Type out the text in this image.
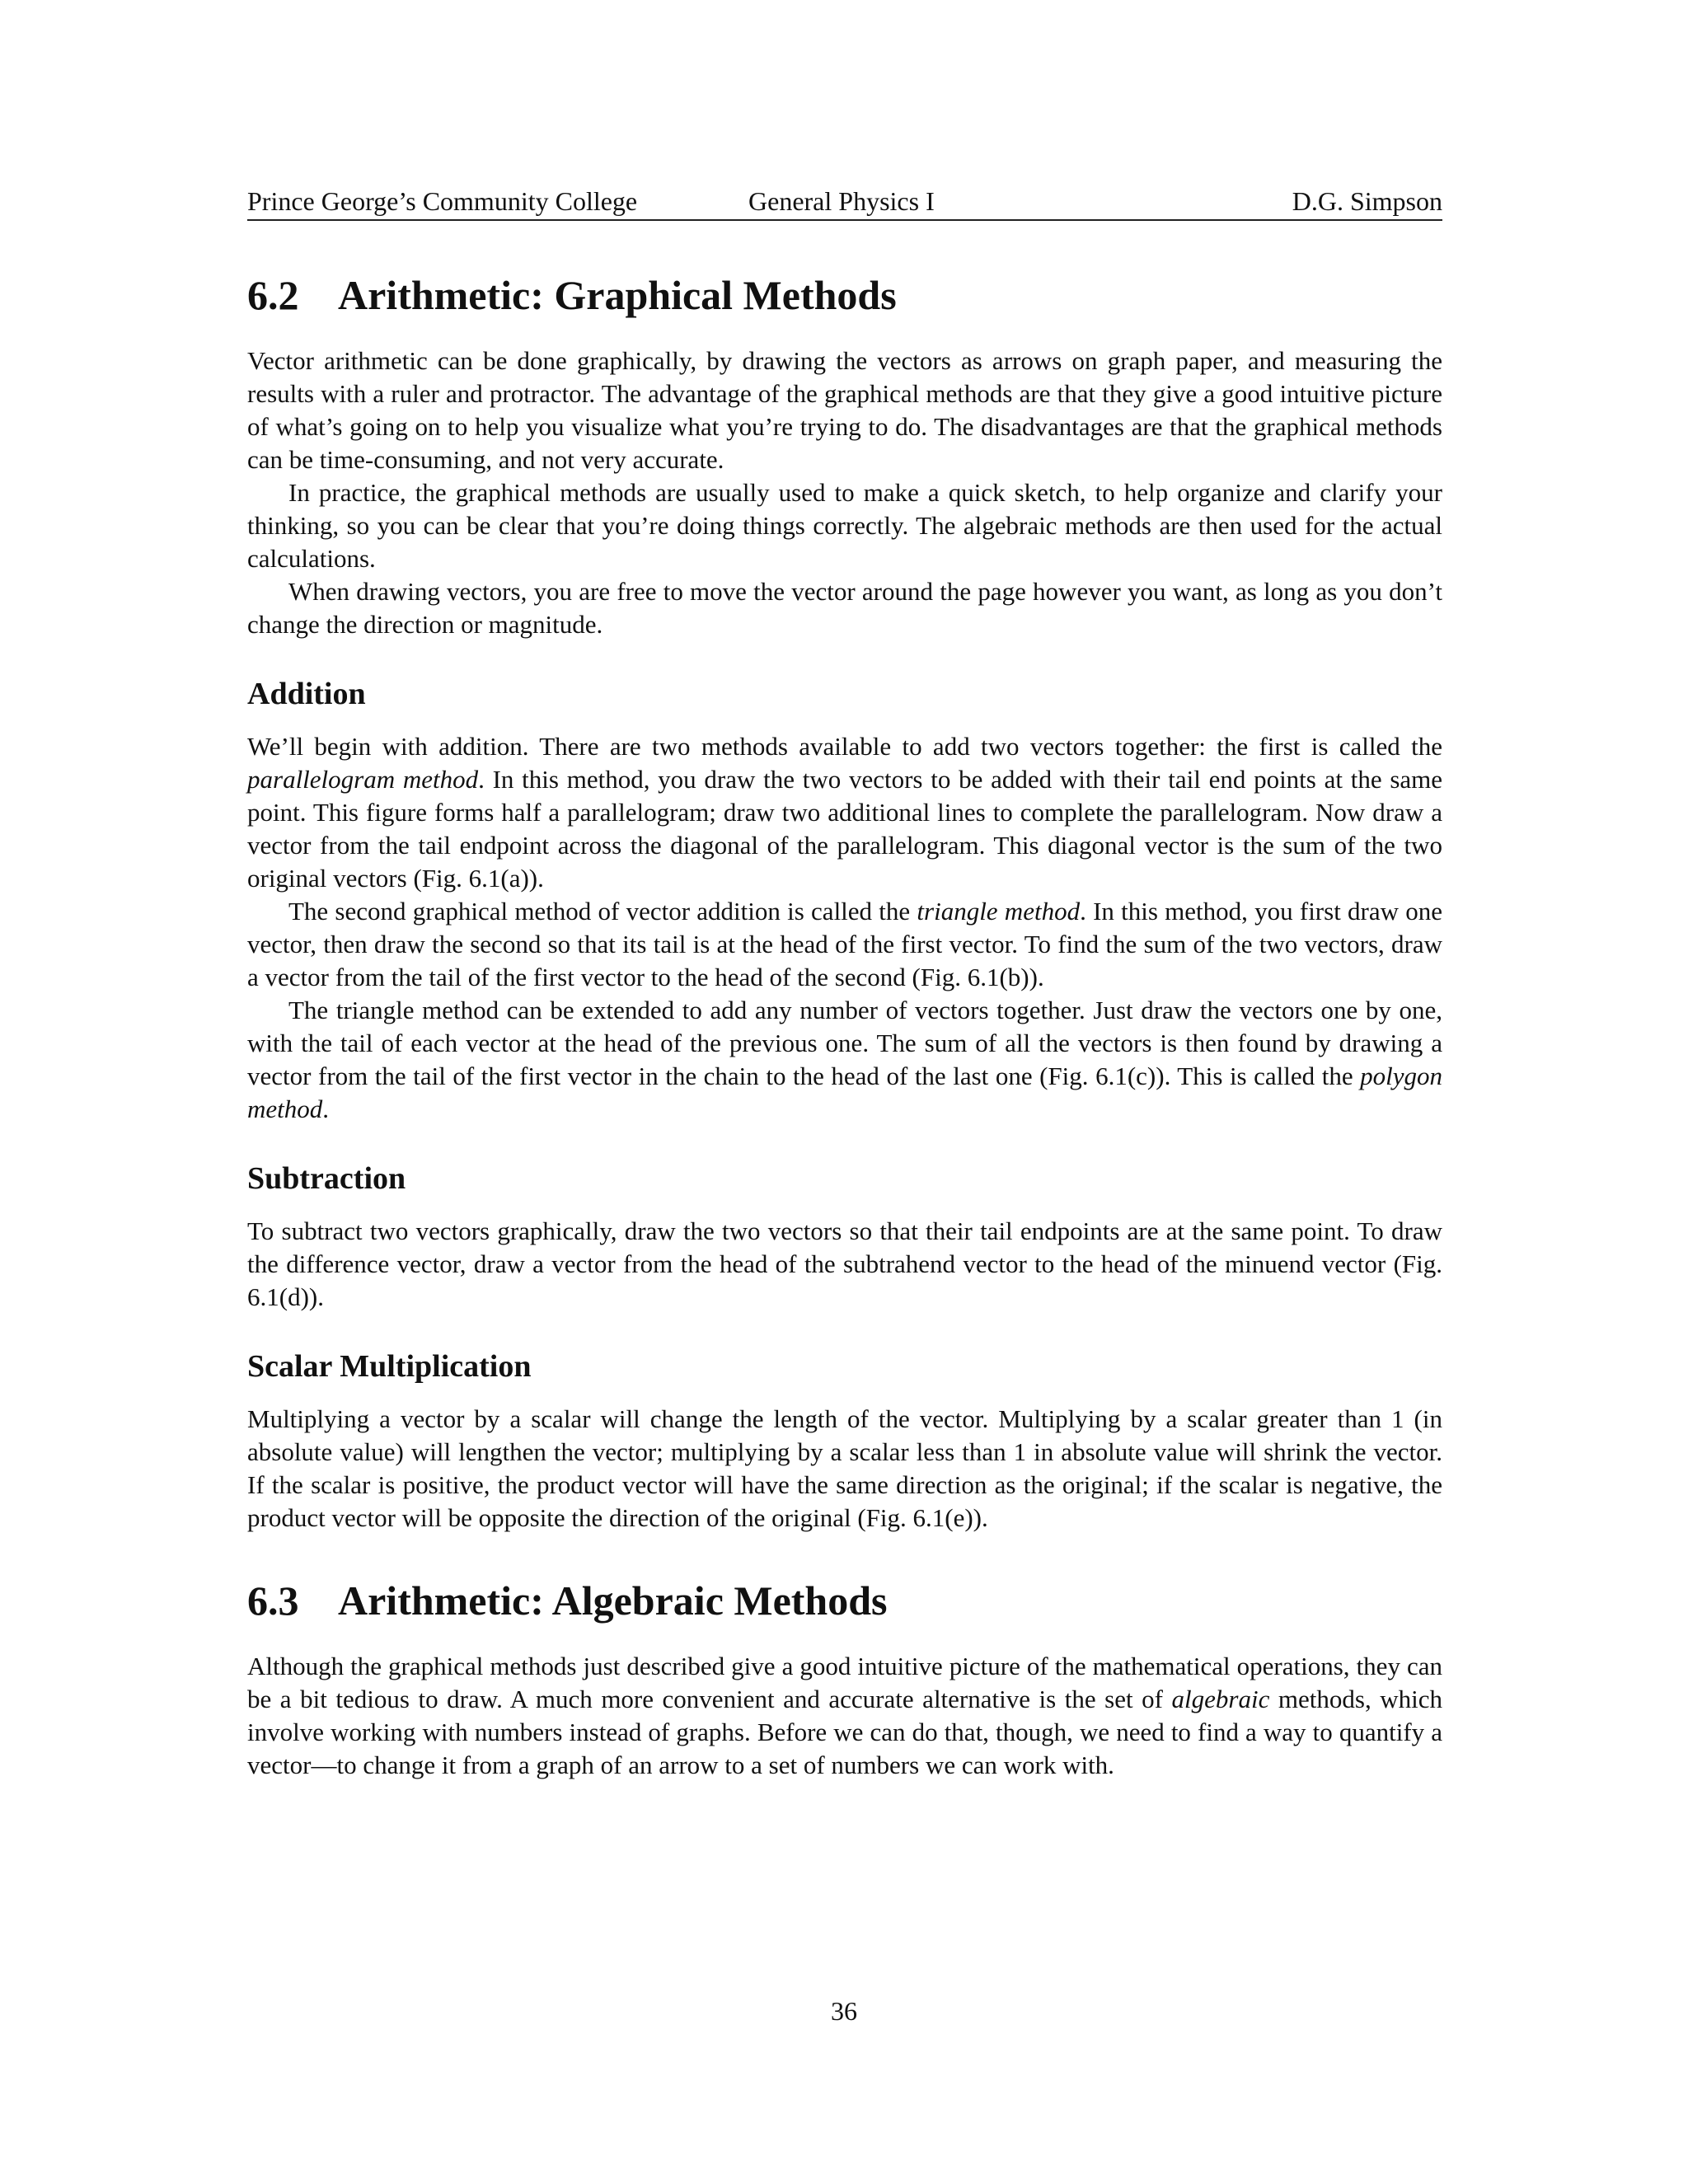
Prince George’s Community College	General Physics I	D.G. Simpson
6.2 Arithmetic: Graphical Methods

Vector arithmetic can be done graphically, by drawing the vectors as arrows on graph paper, and measuring the results with a ruler and protractor. The advantage of the graphical methods are that they give a good intuitive picture of what’s going on to help you visualize what you’re trying to do. The disadvantages are that the graphical methods can be time-consuming, and not very accurate.

In practice, the graphical methods are usually used to make a quick sketch, to help organize and clarify your thinking, so you can be clear that you’re doing things correctly. The algebraic methods are then used for the actual calculations.

When drawing vectors, you are free to move the vector around the page however you want, as long as you don’t change the direction or magnitude.

Addition

We’ll begin with addition. There are two methods available to add two vectors together: the first is called the parallelogram method. In this method, you draw the two vectors to be added with their tail end points at the same point. This figure forms half a parallelogram; draw two additional lines to complete the parallelogram. Now draw a vector from the tail endpoint across the diagonal of the parallelogram. This diagonal vector is the sum of the two original vectors (Fig. 6.1(a)).

The second graphical method of vector addition is called the triangle method. In this method, you first draw one vector, then draw the second so that its tail is at the head of the first vector. To find the sum of the two vectors, draw a vector from the tail of the first vector to the head of the second (Fig. 6.1(b)).

The triangle method can be extended to add any number of vectors together. Just draw the vectors one by one, with the tail of each vector at the head of the previous one. The sum of all the vectors is then found by drawing a vector from the tail of the first vector in the chain to the head of the last one (Fig. 6.1(c)). This is called the polygon method.

Subtraction

To subtract two vectors graphically, draw the two vectors so that their tail endpoints are at the same point. To draw the difference vector, draw a vector from the head of the subtrahend vector to the head of the minuend vector (Fig. 6.1(d)).

Scalar Multiplication

Multiplying a vector by a scalar will change the length of the vector. Multiplying by a scalar greater than 1 (in absolute value) will lengthen the vector; multiplying by a scalar less than 1 in absolute value will shrink the vector. If the scalar is positive, the product vector will have the same direction as the original; if the scalar is negative, the product vector will be opposite the direction of the original (Fig. 6.1(e)).

6.3 Arithmetic: Algebraic Methods

Although the graphical methods just described give a good intuitive picture of the mathematical operations, they can be a bit tedious to draw. A much more convenient and accurate alternative is the set of algebraic methods, which involve working with numbers instead of graphs. Before we can do that, though, we need to find a way to quantify a vector—to change it from a graph of an arrow to a set of numbers we can work with.

36
